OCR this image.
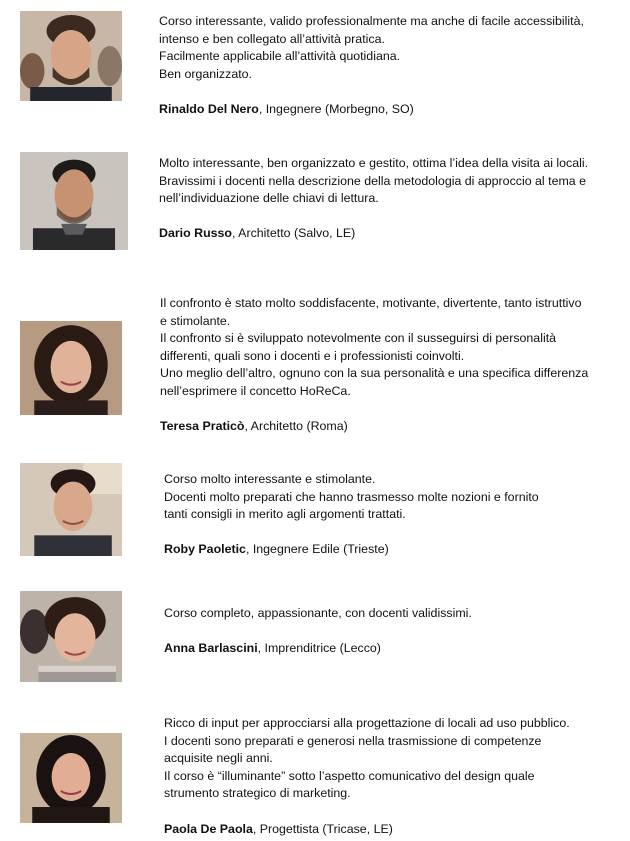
Corso interessante, valido professionalmente ma anche di facile accessibilità,
intenso e ben collegato all’attività pratica.
Facilmente applicabile all’attività quotidiana.
Ben organizzato.
Rinaldo Del Nero, Ingegnere (Morbegno, SO)
Molto interessante, ben organizzato e gestito, ottima l’idea della visita ai locali.
Bravissimi i docenti nella descrizione della metodologia di approccio al tema e
nell’individuazione delle chiavi di lettura.
Dario Russo, Architetto (Salvo, LE)
Il confronto è stato molto soddisfacente, motivante, divertente, tanto istruttivo
e stimolante.
Il confronto si è sviluppato notevolmente con il susseguirsi di personalità
differenti, quali sono i docenti e i professionisti coinvolti.
Uno meglio dell’altro, ognuno con la sua personalità e una specifica differenza
nell’esprimere il concetto HoReCa.
Teresa Praticò, Architetto (Roma)
Corso molto interessante e stimolante.
Docenti molto preparati che hanno trasmesso molte nozioni e fornito
tanti consigli in merito agli argomenti trattati.
Roby Paoletic, Ingegnere Edile (Trieste)
Corso completo, appassionante, con docenti validissimi.
Anna Barlascini, Imprenditrice (Lecco)
Ricco di input per approcciarsi alla progettazione di locali ad uso pubblico.
I docenti sono preparati e generosi nella trasmissione di competenze
acquisite negli anni.
Il corso è “illuminante” sotto l’aspetto comunicativo del design quale
strumento strategico di marketing.
Paola De Paola, Progettista (Tricase, LE)
